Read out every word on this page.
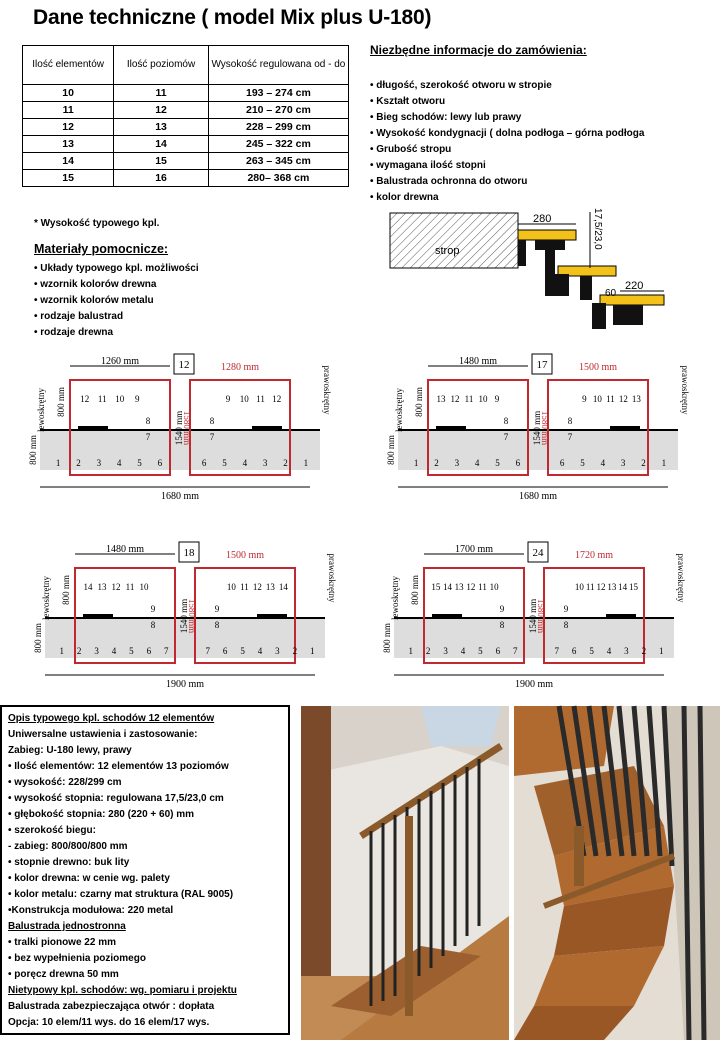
Dane techniczne ( model Mix plus U-180)
Ilość elementów	Ilość poziomów	Wysokość regulowana od - do
10	11	193 – 274 cm
11	12	210 – 270 cm
12	13	228 – 299 cm
13	14	245 – 322 cm
14	15	263 – 345 cm
15	16	280– 368 cm
Niezbędne informacje do zamówienia:
• długość, szerokość otworu w stropie
• Kształt otworu
• Bieg schodów: lewy lub prawy
• Wysokość kondygnacji ( dolna podłoga – górna podłoga
• Grubość stropu
• wymagana ilość stopni
• Balustrada ochronna do otworu
• kolor drewna
* Wysokość typowego kpl.
Materiały pomocnicze:
• Układy typowego kpl. możliwości
• wzornik kolorów drewna
• wzornik kolorów metalu
• rodzaje balustrad
• rodzaje drewna
strop
280	17,5/23,0
60
220
12 11 10 9	9 10 11 12
8
7
8
7
1 2 3 4 5 6	6 5 4 3 2 1
12
1260 mm
1280 mm
1680 mm
1540 mm
1580 mm
lewoskrętny	prawoskrętny
800 mm
800 mm
13 12 11 10 9	9 10 11 12 13
8
7
8
7
1 2 3 4 5 6	6 5 4 3 2 1
17
1480 mm
1500 mm
1680 mm
1540 mm
1580 mm
lewoskrętny	prawoskrętny
800 mm
800 mm
14 13 12 11 10	10 11 12 13 14
9
8
9
8
1 2 3 4 5 6 7	7 6 5 4 3 2 1
18
1480 mm
1500 mm
1900 mm
1540 mm
1580 mm
lewoskrętny	prawoskrętny
800 mm
800 mm
15 14 13 12 11 10	10 11 12 13 14 15
9
8
9
8
1 2 3 4 5 6 7	7 6 5 4 3 2 1
24
1700 mm
1720 mm
1900 mm
1540 mm
1580 mm
lewoskrętny	prawoskrętny
800 mm
800 mm
Opis typowego kpl. schodów 12 elementów
Uniwersalne ustawienia i zastosowanie:
Zabieg: U-180 lewy, prawy
• Ilość elementów: 12 elementów 13 poziomów
• wysokość: 228/299 cm
• wysokość stopnia: regulowana 17,5/23,0 cm
• głębokość stopnia: 280 (220 + 60) mm
• szerokość biegu:
- zabieg: 800/800/800 mm
• stopnie drewno: buk lity
• kolor drewna: w cenie wg. palety
• kolor metalu: czarny mat struktura (RAL 9005)
•Konstrukcja modułowa: 220 metal
Balustrada jednostronna
• tralki pionowe 22 mm
• bez wypełnienia poziomego
• poręcz drewna 50 mm
Nietypowy kpl. schodów: wg. pomiaru i projektu
Balustrada zabezpieczająca otwór : dopłata
Opcja: 10 elem/11 wys. do 16 elem/17 wys.
